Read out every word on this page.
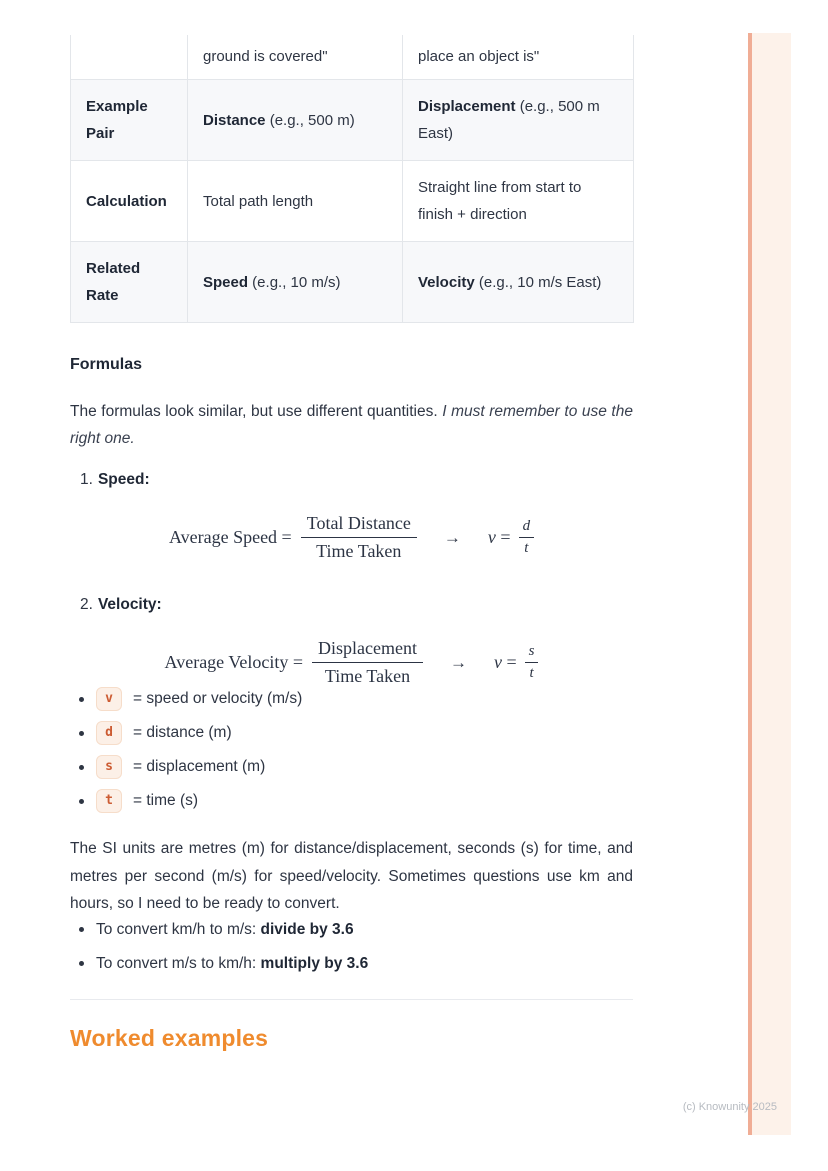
	ground is covered"	place an object is"
Example Pair	Distance (e.g., 500 m)	Displacement (e.g., 500 m East)
Calculation	Total path length	Straight line from start to finish + direction
Related Rate	Speed (e.g., 10 m/s)	Velocity (e.g., 10 m/s East)
Formulas

The formulas look similar, but use different quantities. I must remember to use the right one.

1. Speed:
Average Speed = $\frac{\text{Total Distance}}{\text{Time Taken}} \to v = \frac{d}{t}$
2. Velocity:
Average Velocity = $\frac{\text{Displacement}}{\text{Time Taken}} \to v = \frac{s}{t}$
v	= speed or velocity (m/s)
d	= distance (m)
s	= displacement (m)
t	= time (s)

The SI units are metres (m) for distance/displacement, seconds (s) for time, and metres per second (m/s) for speed/velocity. Sometimes questions use km and hours, so I need to be ready to convert.

To convert km/h to m/s: divide by 3.6
To convert m/s to km/h: multiply by 3.6
Worked examples
(c) Knowunity 2025
